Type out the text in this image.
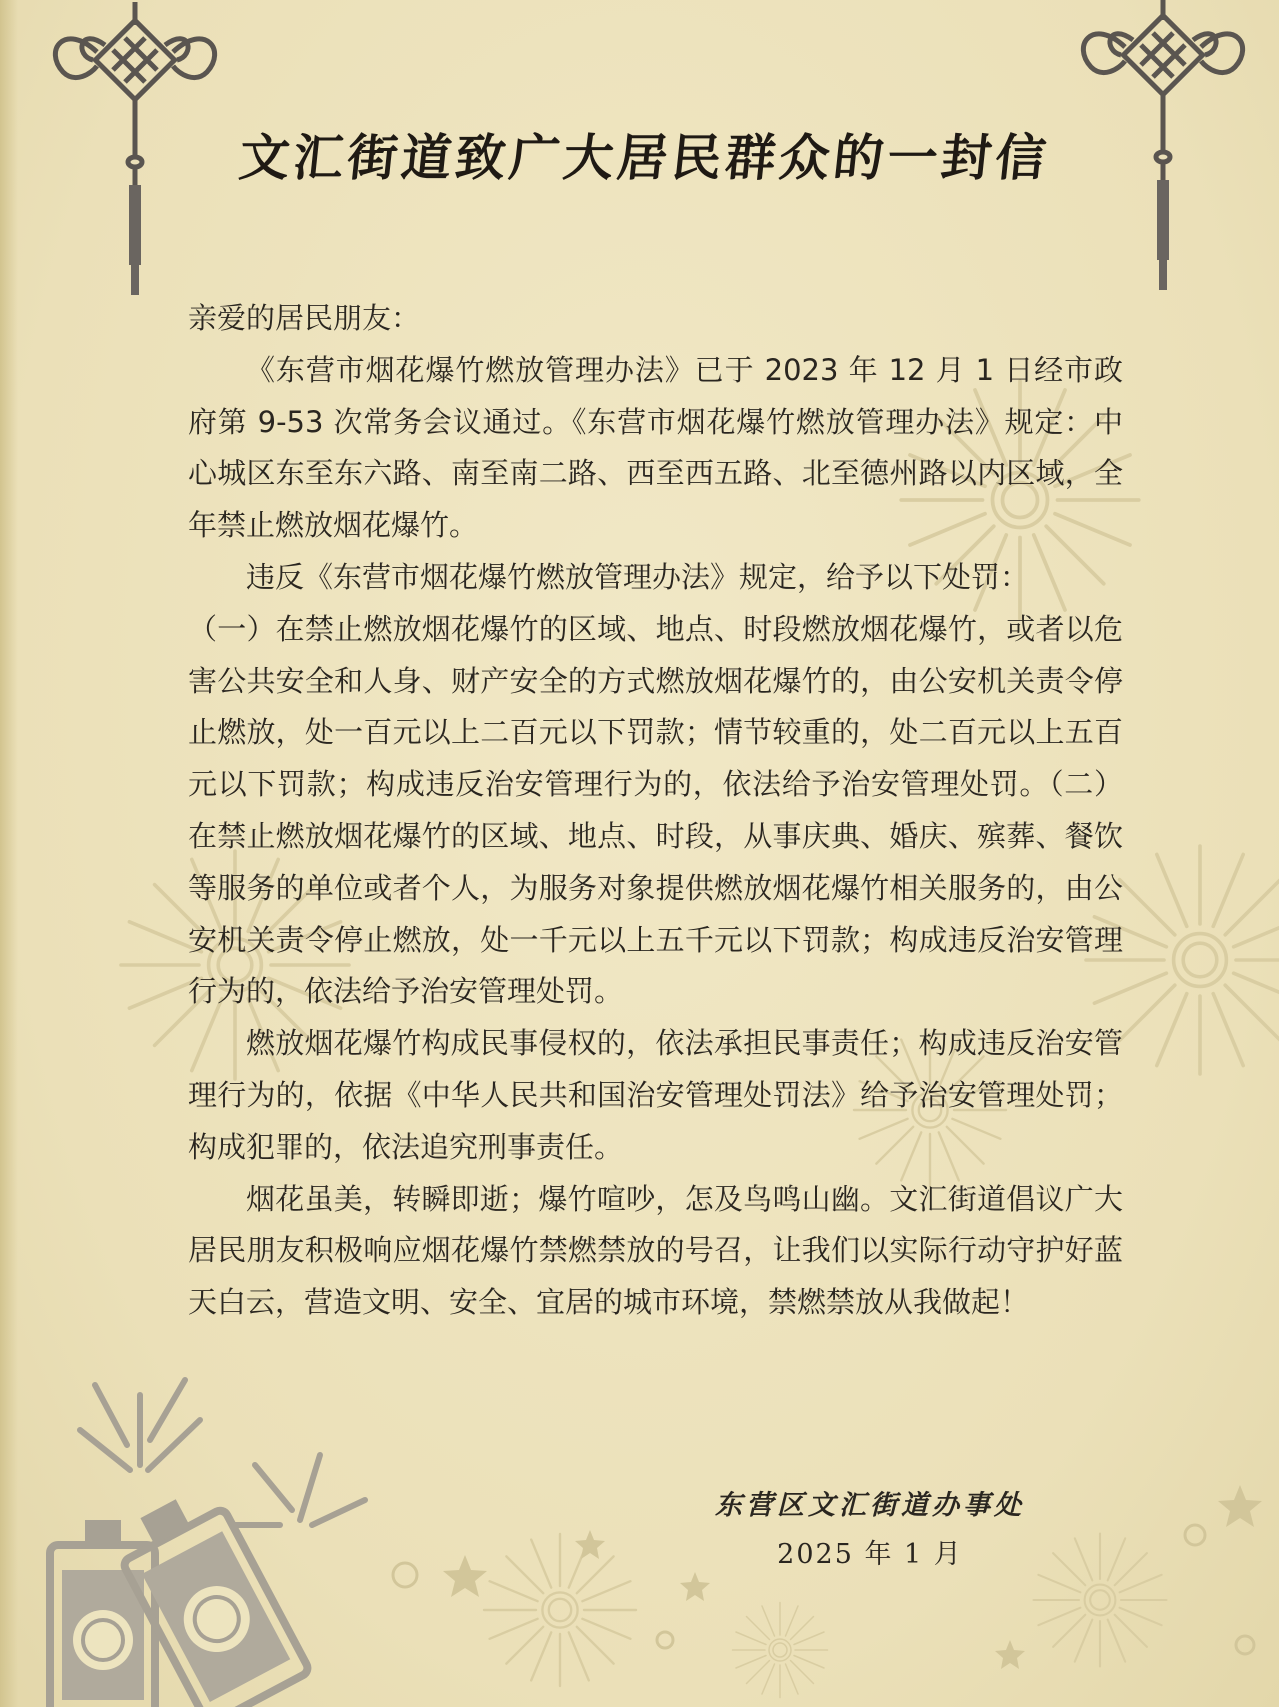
文汇街道致广大居民群众的一封信

亲爱的居民朋友：

《东营市烟花爆竹燃放管理办法》已于 2023 年 12 月 1 日经市政府第 9-53 次常务会议通过。《东营市烟花爆竹燃放管理办法》规定：中心城区东至东六路、南至南二路、西至西五路、北至德州路以内区域，全年禁止燃放烟花爆竹。

违反《东营市烟花爆竹燃放管理办法》规定，给予以下处罚：

（一）在禁止燃放烟花爆竹的区域、地点、时段燃放烟花爆竹，或者以危害公共安全和人身、财产安全的方式燃放烟花爆竹的，由公安机关责令停止燃放，处一百元以上二百元以下罚款；情节较重的，处二百元以上五百元以下罚款；构成违反治安管理行为的，依法给予治安管理处罚。（二）在禁止燃放烟花爆竹的区域、地点、时段，从事庆典、婚庆、殡葬、餐饮等服务的单位或者个人，为服务对象提供燃放烟花爆竹相关服务的，由公安机关责令停止燃放，处一千元以上五千元以下罚款；构成违反治安管理行为的，依法给予治安管理处罚。

燃放烟花爆竹构成民事侵权的，依法承担民事责任；构成违反治安管理行为的，依据《中华人民共和国治安管理处罚法》给予治安管理处罚；构成犯罪的，依法追究刑事责任。

烟花虽美，转瞬即逝；爆竹喧吵，怎及鸟鸣山幽。文汇街道倡议广大居民朋友积极响应烟花爆竹禁燃禁放的号召，让我们以实际行动守护好蓝天白云，营造文明、安全、宜居的城市环境，禁燃禁放从我做起！

东营区文汇街道办事处
2025 年 1 月
